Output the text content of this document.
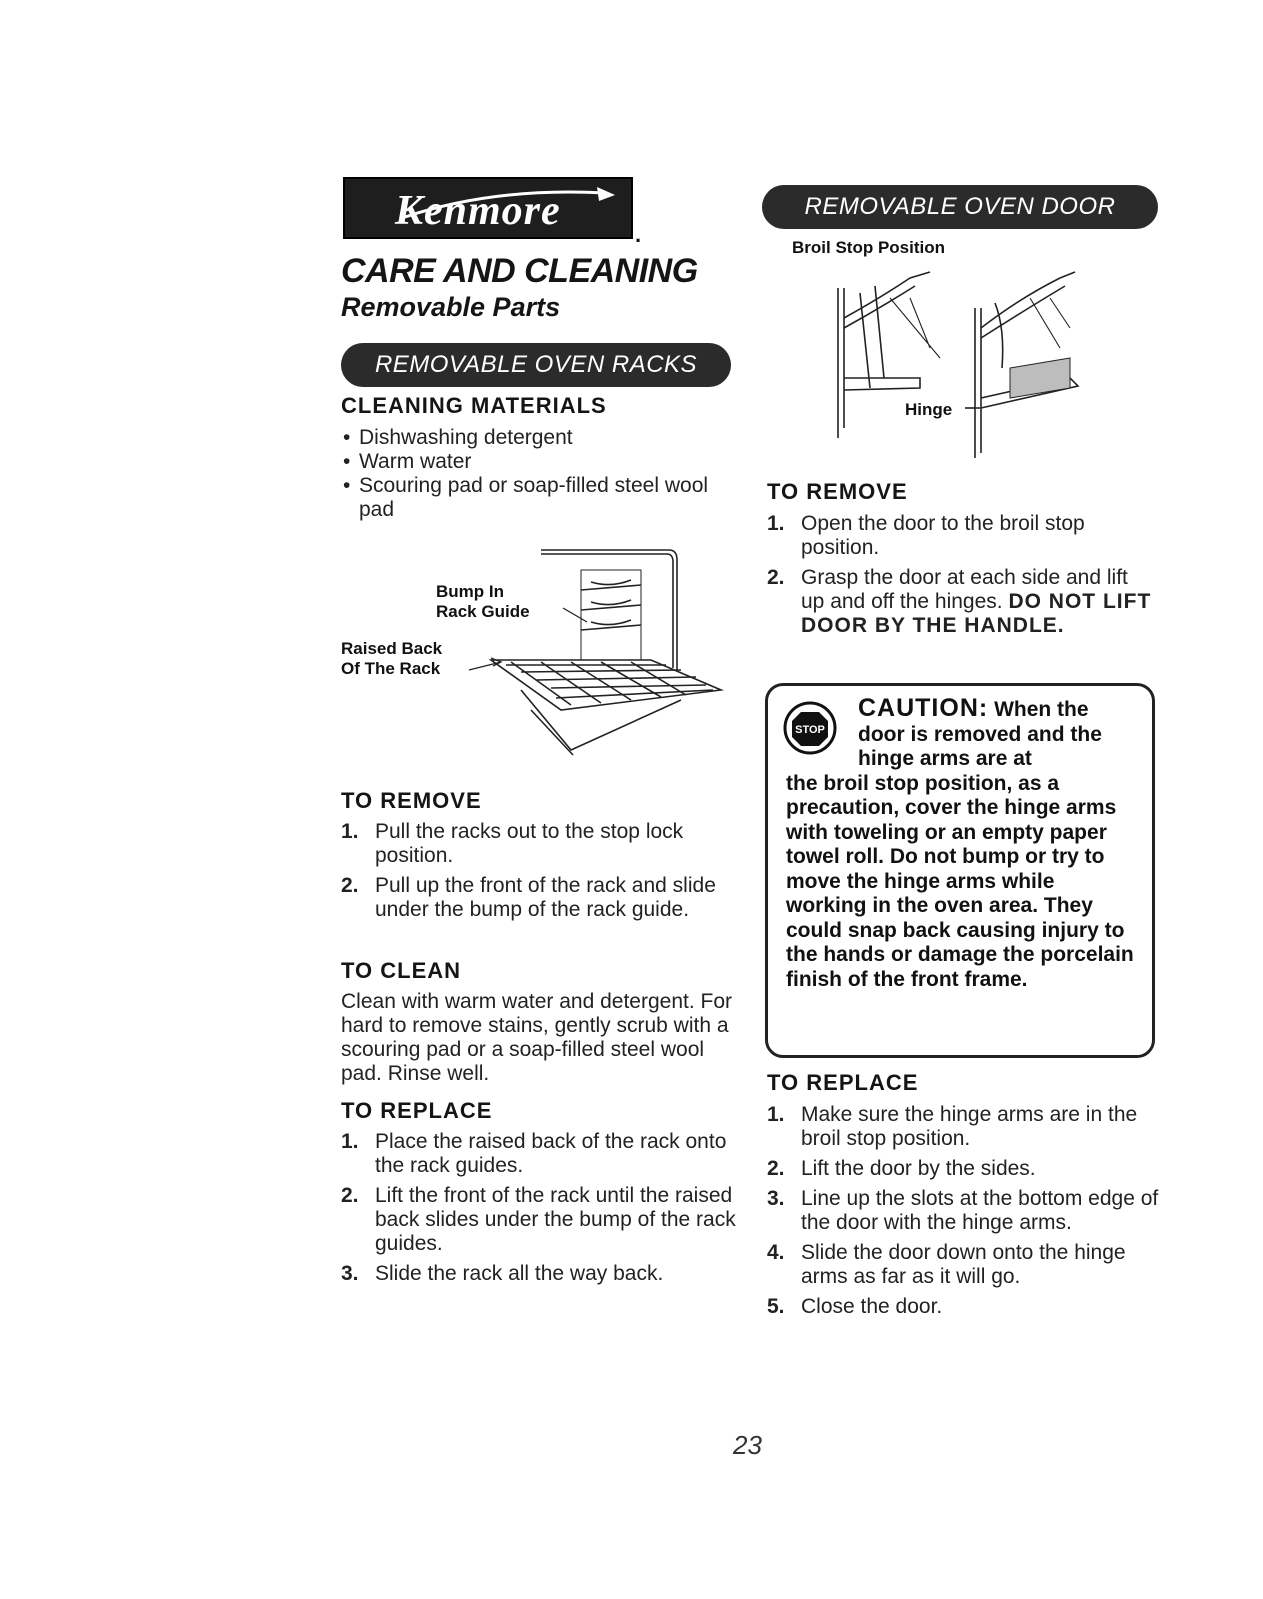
Kenmore
.
CARE AND CLEANING
Removable Parts
REMOVABLE OVEN RACKS
CLEANING MATERIALS
• Dishwashing detergent
• Warm water
• Scouring pad or soap-filled steel wool pad
Bump In
Rack Guide
Raised Back
Of The Rack
TO REMOVE
1. Pull the racks out to the stop lock position.
2. Pull up the front of the rack and slide under the bump of the rack guide.
TO CLEAN
Clean with warm water and detergent. For hard to remove stains, gently scrub with a scouring pad or a soap-filled steel wool pad. Rinse well.
TO REPLACE
1. Place the raised back of the rack onto the rack guides.
2. Lift the front of the rack until the raised back slides under the bump of the rack guides.
3. Slide the rack all the way back.
REMOVABLE OVEN DOOR
Broil Stop Position
Hinge
TO REMOVE
1. Open the door to the broil stop position.
2. Grasp the door at each side and lift up and off the hinges. DO NOT LIFT DOOR BY THE HANDLE.
STOP
CAUTION: When the door is removed and the hinge arms are at
the broil stop position, as a precaution, cover the hinge arms with toweling or an empty paper towel roll. Do not bump or try to move the hinge arms while working in the oven area. They could snap back causing injury to the hands or damage the porcelain finish of the front frame.
TO REPLACE
1. Make sure the hinge arms are in the broil stop position.
2. Lift the door by the sides.
3. Line up the slots at the bottom edge of the door with the hinge arms.
4. Slide the door down onto the hinge arms as far as it will go.
5. Close the door.
23
